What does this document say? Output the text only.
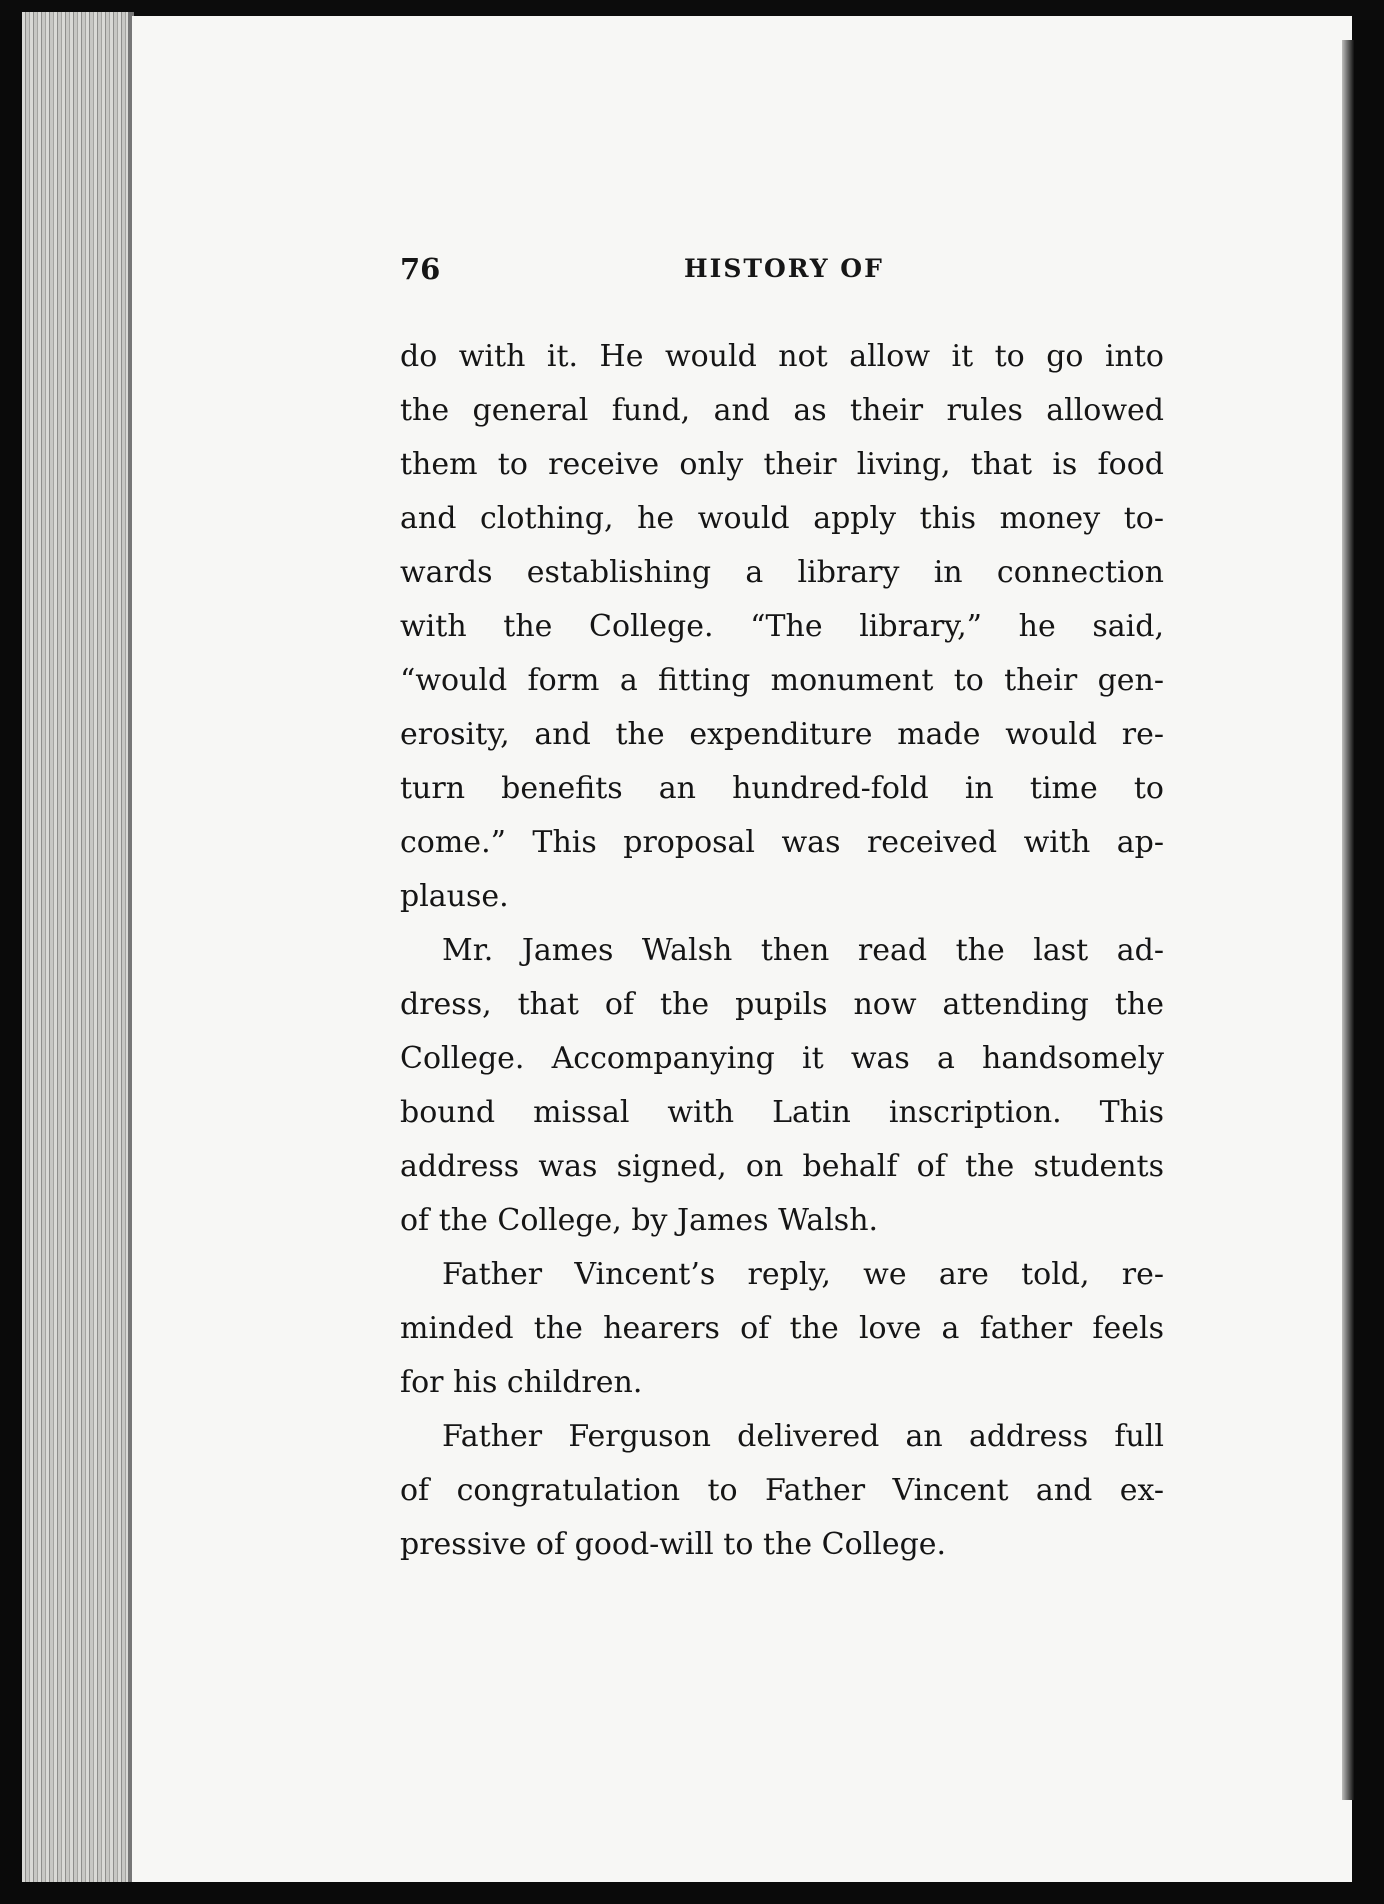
76	HISTORY OF
do with it. He would not allow it to go into
the general fund, and as their rules allowed
them to receive only their living, that is food
and clothing, he would apply this money to-
wards establishing a library in connection
with the College. “The library,” he said,
“would form a fitting monument to their gen-
erosity, and the expenditure made would re-
turn benefits an hundred-fold in time to
come.” This proposal was received with ap-
plause.
Mr. James Walsh then read the last ad-
dress, that of the pupils now attending the
College. Accompanying it was a handsomely
bound missal with Latin inscription. This
address was signed, on behalf of the students
of the College, by James Walsh.
Father Vincent’s reply, we are told, re-
minded the hearers of the love a father feels
for his children.
Father Ferguson delivered an address full
of congratulation to Father Vincent and ex-
pressive of good-will to the College.
